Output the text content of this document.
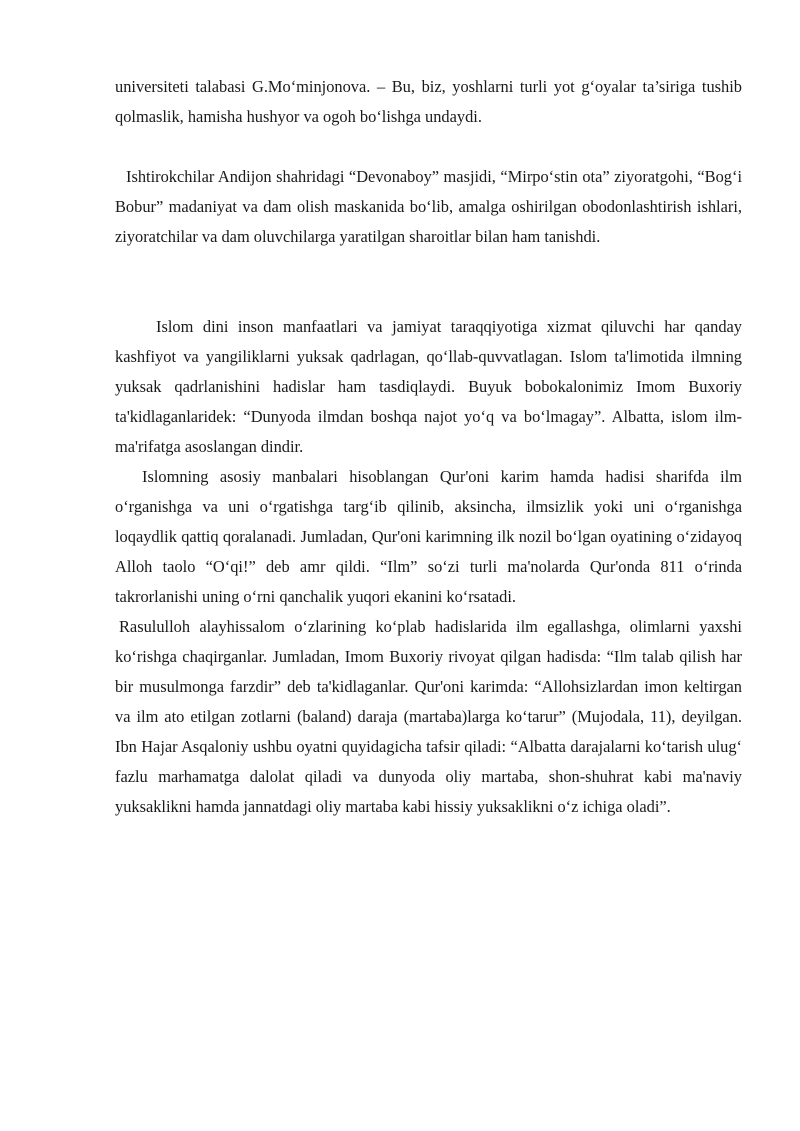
universiteti talabasi G.Mo‘minjonova. – Bu, biz, yoshlarni turli yot g‘oyalar ta’siriga tushib qolmaslik, hamisha hushyor va ogoh bo‘lishga undaydi.

Ishtirokchilar Andijon shahridagi “Devonaboy” masjidi, “Mirpo‘stin ota” ziyoratgohi, “Bog‘i Bobur” madaniyat va dam olish maskanida bo‘lib, amalga oshirilgan obodonlashtirish ishlari, ziyoratchilar va dam oluvchilarga yaratilgan sharoitlar bilan ham tanishdi.

Islom dini inson manfaatlari va jamiyat taraqqiyotiga xizmat qiluvchi har qanday kashfiyot va yangiliklarni yuksak qadrlagan, qo‘llab-quvvatlagan. Islom ta'limotida ilmning yuksak qadrlanishini hadislar ham tasdiqlaydi. Buyuk bobokalonimiz Imom Buxoriy ta'kidlaganlaridek: “Dunyoda ilmdan boshqa najot yo‘q va bo‘lmagay”. Albatta, islom ilm-ma'rifatga asoslangan dindir.

Islomning asosiy manbalari hisoblangan Qur'oni karim hamda hadisi sharifda ilm o‘rganishga va uni o‘rgatishga targ‘ib qilinib, aksincha, ilmsizlik yoki uni o‘rganishga loqaydlik qattiq qoralanadi. Jumladan, Qur'oni karimning ilk nozil bo‘lgan oyatining o‘zidayoq Alloh taolo “O‘qi!” deb amr qildi. “Ilm” so‘zi turli ma'nolarda Qur'onda 811 o‘rinda takrorlanishi uning o‘rni qanchalik yuqori ekanini ko‘rsatadi.

Rasululloh alayhissalom o‘zlarining ko‘plab hadislarida ilm egallashga, olimlarni yaxshi ko‘rishga chaqirganlar. Jumladan, Imom Buxoriy rivoyat qilgan hadisda: “Ilm talab qilish har bir musulmonga farzdir” deb ta'kidlaganlar. Qur'oni karimda: “Allohsizlardan imon keltirgan va ilm ato etilgan zotlarni (baland) daraja (martaba)larga ko‘tarur” (Mujodala, 11), deyilgan. Ibn Hajar Asqaloniy ushbu oyatni quyidagicha tafsir qiladi: “Albatta darajalarni ko‘tarish ulug‘ fazlu marhamatga dalolat qiladi va dunyoda oliy martaba, shon-shuhrat kabi ma'naviy yuksaklikni hamda jannatdagi oliy martaba kabi hissiy yuksaklikni o‘z ichiga oladi”.
